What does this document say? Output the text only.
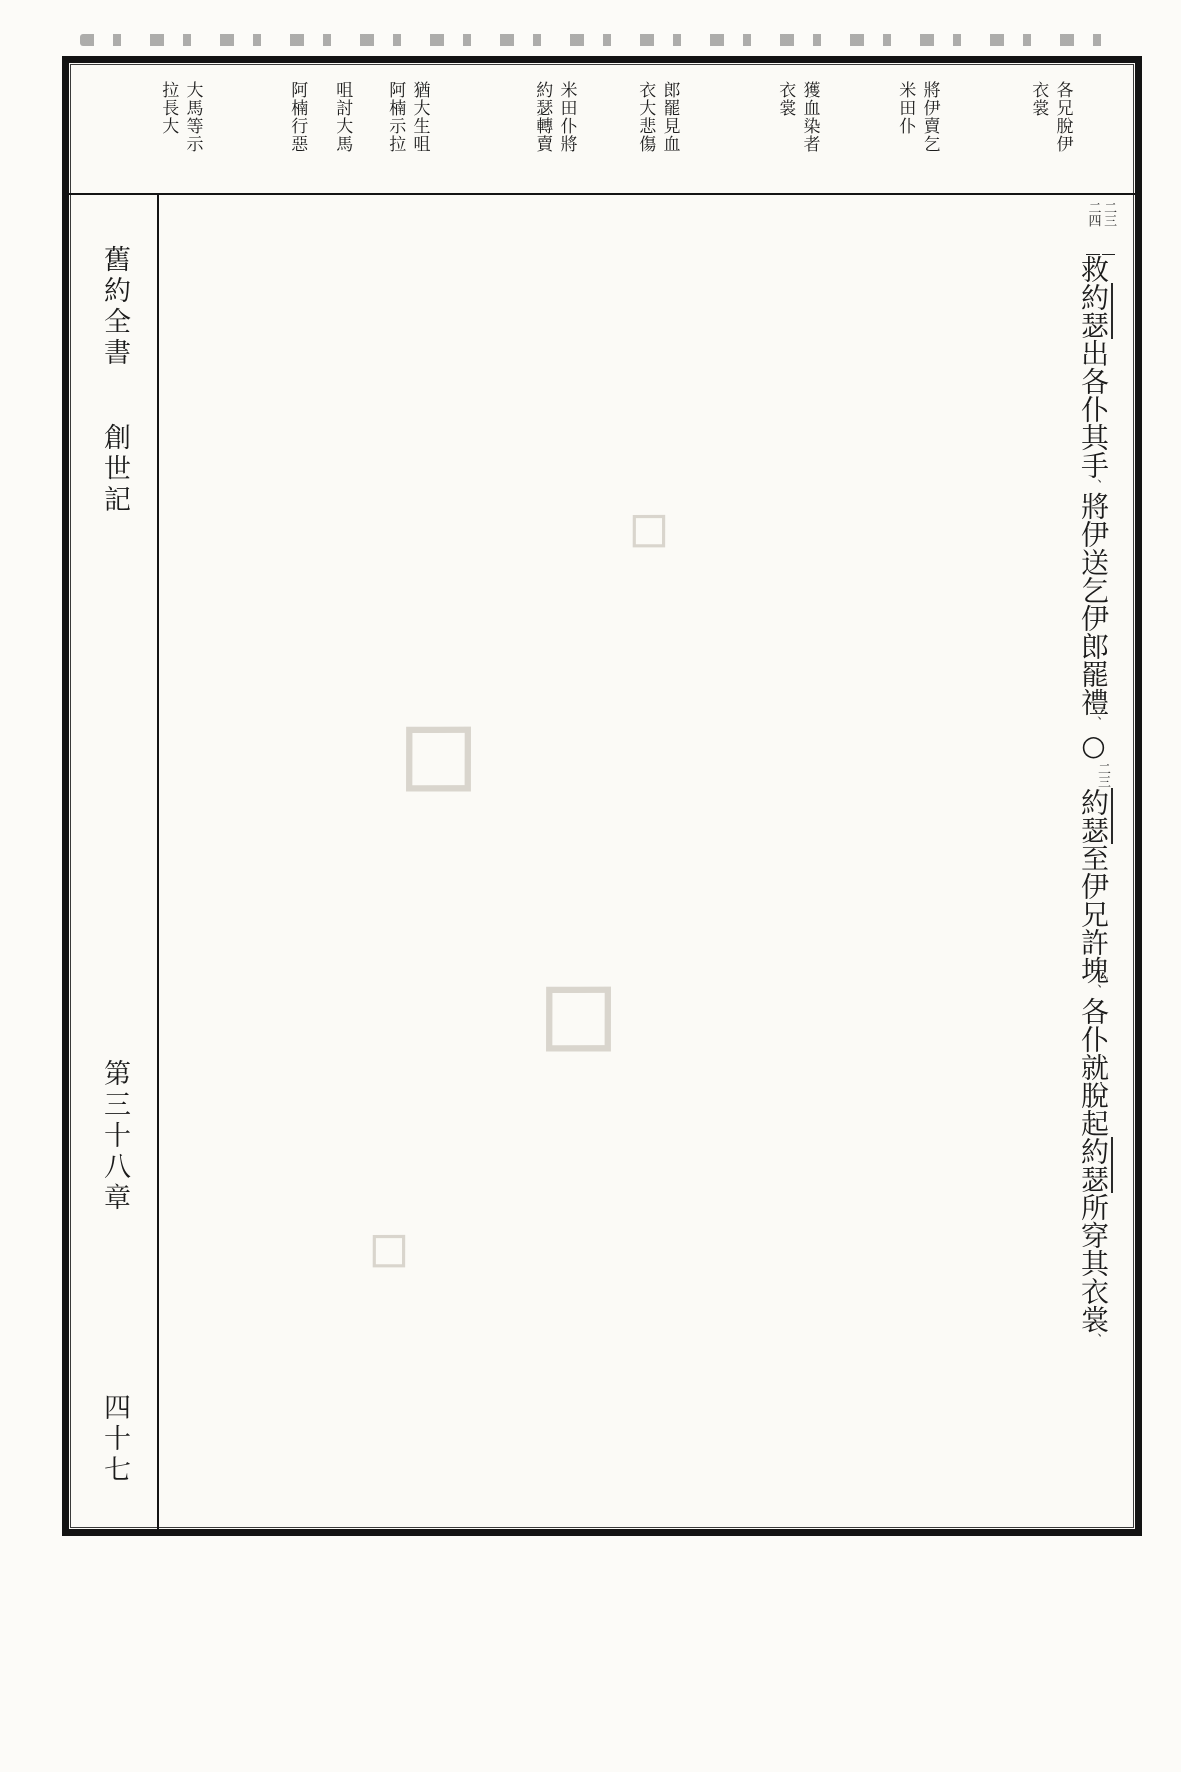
各兄脫伊
衣裳
將伊賣乞
米田仆
獲血染者
衣裳
郎罷見血
衣大悲傷
米田仆將
約瑟轉賣
猶大生咀
阿楠示拉
咀討大馬
阿楠行惡
大馬等示
拉長大
舊約全書
創世記
第三十八章
四十七
二三
二四
救約瑟出各仆其手、將伊送乞伊郎罷禮、○二三約瑟至伊兄許塊、各仆就脫起約瑟所穿其衣裳、
◇
◇
◇
◇
